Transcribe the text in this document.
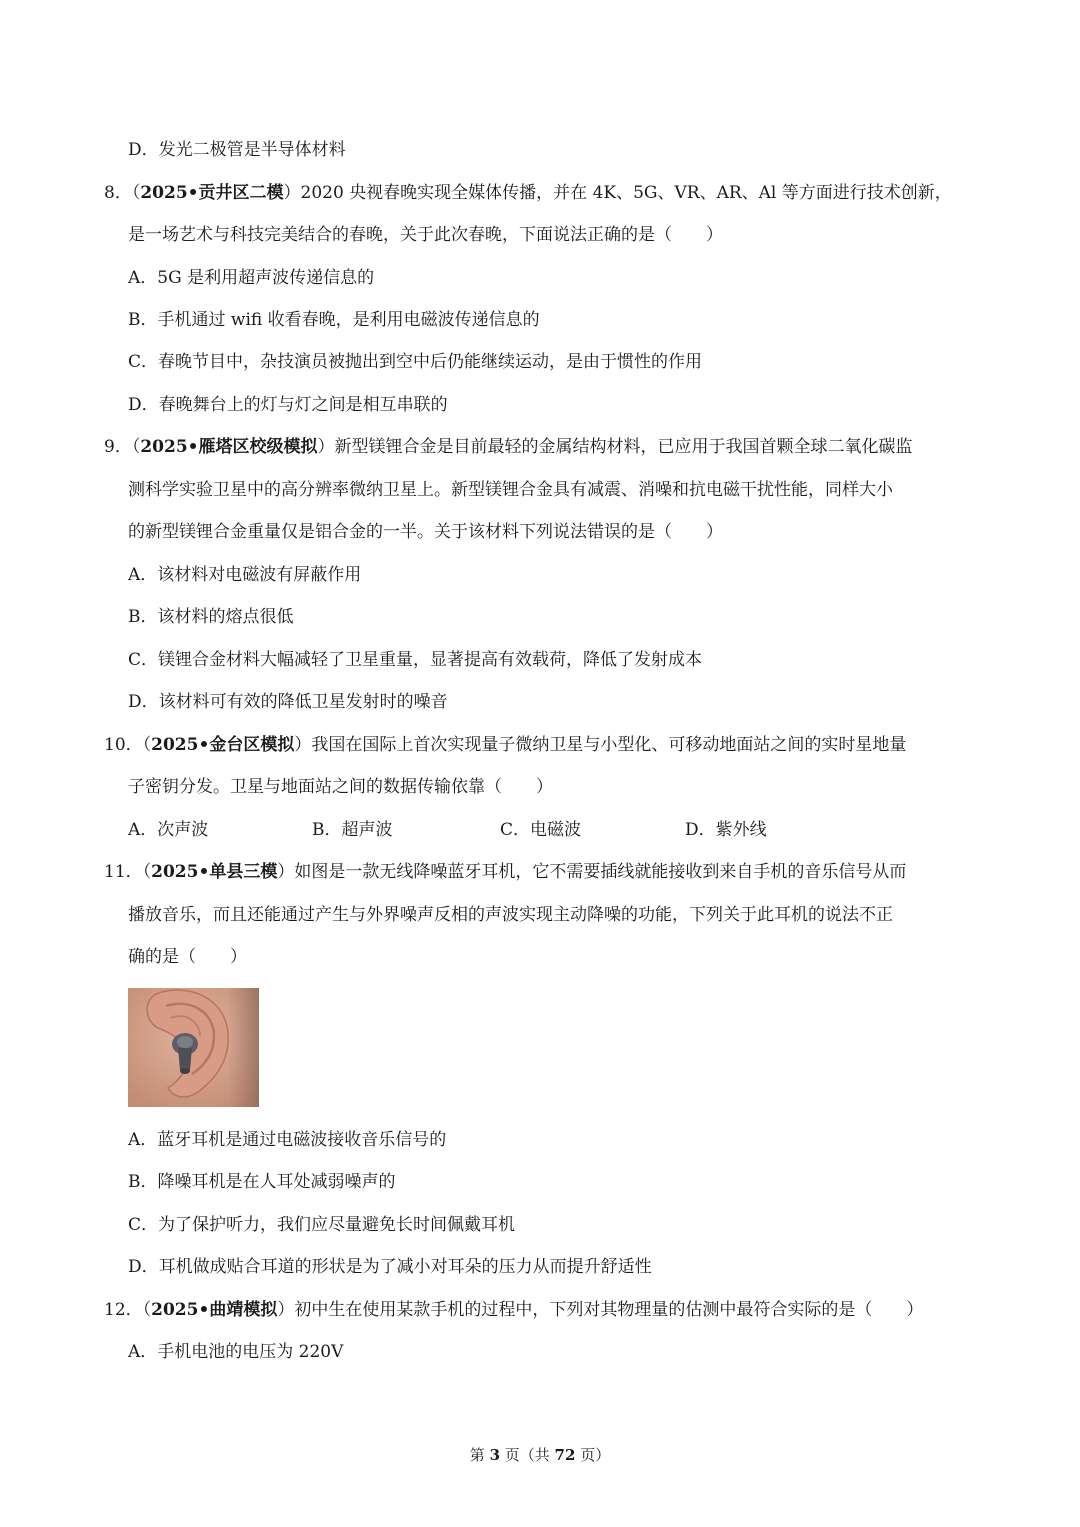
D．发光二极管是半导体材料
8．（2025•贡井区二模）2020 央视春晚实现全媒体传播，并在 4K、5G、VR、AR、Al 等方面进行技术创新，
是一场艺术与科技完美结合的春晚，关于此次春晚，下面说法正确的是（　　）
A．5G 是利用超声波传递信息的
B．手机通过 wifi 收看春晚，是利用电磁波传递信息的
C．春晚节目中，杂技演员被抛出到空中后仍能继续运动，是由于惯性的作用
D．春晚舞台上的灯与灯之间是相互串联的
9．（2025•雁塔区校级模拟）新型镁锂合金是目前最轻的金属结构材料，已应用于我国首颗全球二氧化碳监
测科学实验卫星中的高分辨率微纳卫星上。新型镁锂合金具有减震、消噪和抗电磁干扰性能，同样大小
的新型镁锂合金重量仅是铝合金的一半。关于该材料下列说法错误的是（　　）
A．该材料对电磁波有屏蔽作用
B．该材料的熔点很低
C．镁锂合金材料大幅减轻了卫星重量，显著提高有效载荷，降低了发射成本
D．该材料可有效的降低卫星发射时的噪音
10．（2025•金台区模拟）我国在国际上首次实现量子微纳卫星与小型化、可移动地面站之间的实时星地量
子密钥分发。卫星与地面站之间的数据传输依靠（　　）
A．次声波	B．超声波	C．电磁波	D．紫外线
11．（2025•单县三模）如图是一款无线降噪蓝牙耳机，它不需要插线就能接收到来自手机的音乐信号从而
播放音乐，而且还能通过产生与外界噪声反相的声波实现主动降噪的功能，下列关于此耳机的说法不正
确的是（　　）
A．蓝牙耳机是通过电磁波接收音乐信号的
B．降噪耳机是在人耳处减弱噪声的
C．为了保护听力，我们应尽量避免长时间佩戴耳机
D．耳机做成贴合耳道的形状是为了减小对耳朵的压力从而提升舒适性
12．（2025•曲靖模拟）初中生在使用某款手机的过程中，下列对其物理量的估测中最符合实际的是（　　）
A．手机电池的电压为 220V
第 3 页（共 72 页）
